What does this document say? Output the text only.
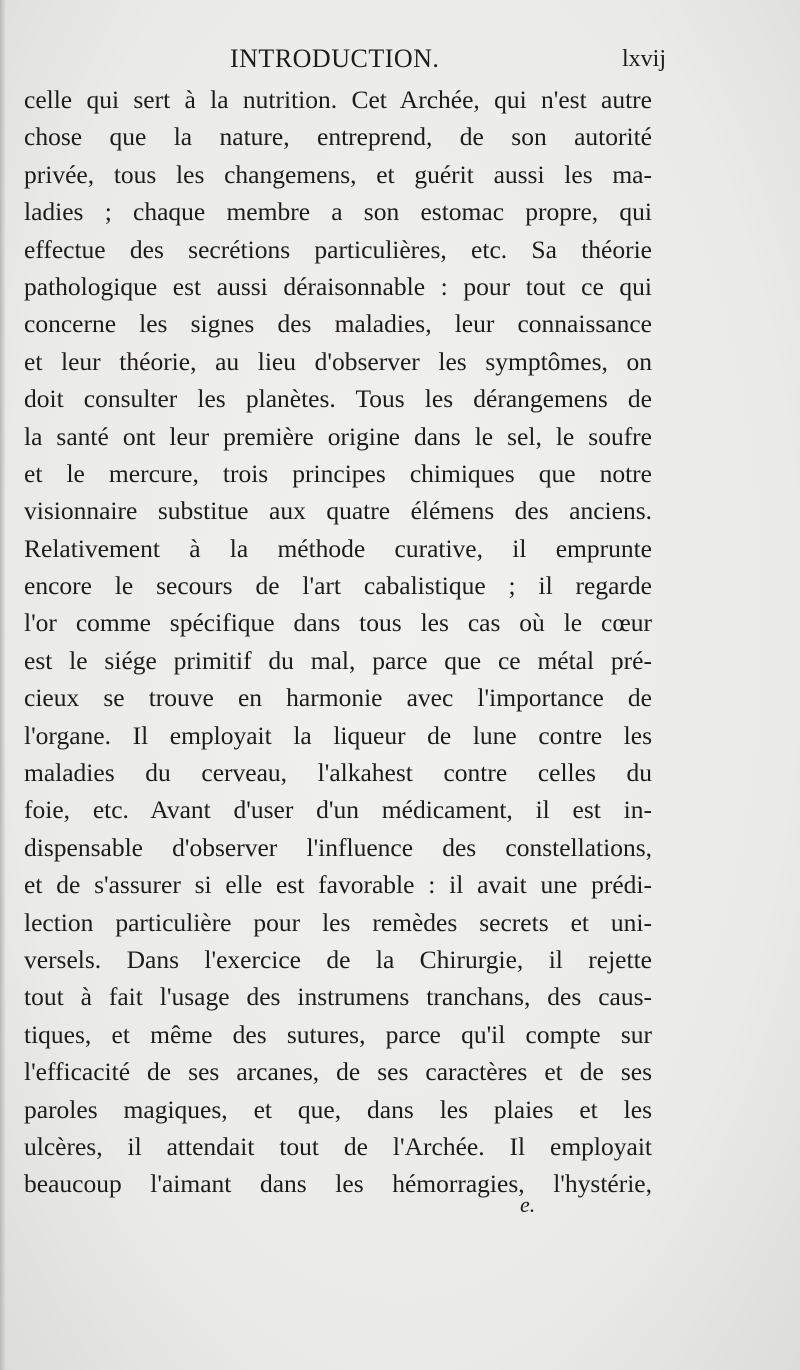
INTRODUCTION.	lxvij
celle qui sert à la nutrition. Cet Archée, qui n'est autre
chose que la nature, entreprend, de son autorité
privée, tous les changemens, et guérit aussi les ma-
ladies ; chaque membre a son estomac propre, qui
effectue des secrétions particulières, etc. Sa théorie
pathologique est aussi déraisonnable : pour tout ce qui
concerne les signes des maladies, leur connaissance
et leur théorie, au lieu d'observer les symptômes, on
doit consulter les planètes. Tous les dérangemens de
la santé ont leur première origine dans le sel, le soufre
et le mercure, trois principes chimiques que notre
visionnaire substitue aux quatre élémens des anciens.
Relativement à la méthode curative, il emprunte
encore le secours de l'art cabalistique ; il regarde
l'or comme spécifique dans tous les cas où le cœur
est le siége primitif du mal, parce que ce métal pré-
cieux se trouve en harmonie avec l'importance de
l'organe. Il employait la liqueur de lune contre les
maladies du cerveau, l'alkahest contre celles du
foie, etc. Avant d'user d'un médicament, il est in-
dispensable d'observer l'influence des constellations,
et de s'assurer si elle est favorable : il avait une prédi-
lection particulière pour les remèdes secrets et uni-
versels. Dans l'exercice de la Chirurgie, il rejette
tout à fait l'usage des instrumens tranchans, des caus-
tiques, et même des sutures, parce qu'il compte sur
l'efficacité de ses arcanes, de ses caractères et de ses
paroles magiques, et que, dans les plaies et les
ulcères, il attendait tout de l'Archée. Il employait
beaucoup l'aimant dans les hémorragies, l'hystérie,
e.
